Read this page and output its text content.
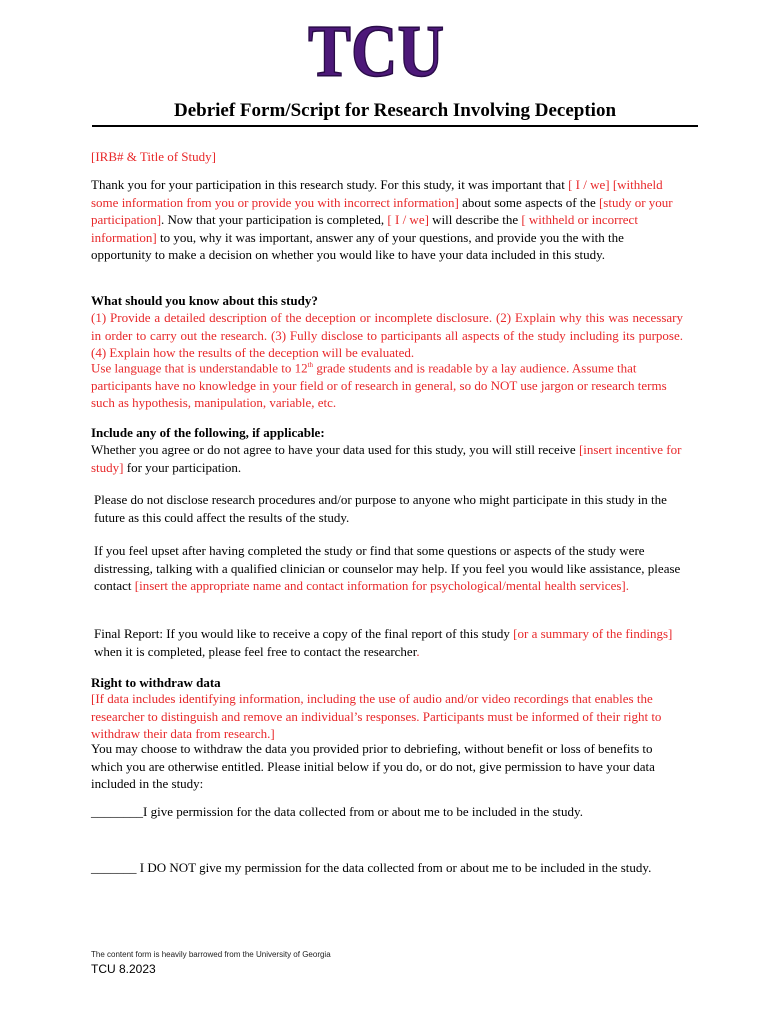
TCU
Debrief Form/Script for Research Involving Deception
[IRB# & Title of Study]
Thank you for your participation in this research study. For this study, it was important that [ I / we] [withheld some information from you or provide you with incorrect information] about some aspects of the [study or your participation]. Now that your participation is completed, [ I / we] will describe the [ withheld or incorrect information] to you, why it was important, answer any of your questions, and provide you the with the opportunity to make a decision on whether you would like to have your data included in this study.
What should you know about this study?
(1) Provide a detailed description of the deception or incomplete disclosure. (2) Explain why this was necessary in order to carry out the research. (3) Fully disclose to participants all aspects of the study including its purpose. (4) Explain how the results of the deception will be evaluated.
Use language that is understandable to 12th grade students and is readable by a lay audience. Assume that participants have no knowledge in your field or of research in general, so do NOT use jargon or research terms such as hypothesis, manipulation, variable, etc.
Include any of the following, if applicable:
Whether you agree or do not agree to have your data used for this study, you will still receive [insert incentive for study] for your participation.
Please do not disclose research procedures and/or purpose to anyone who might participate in this study in the future as this could affect the results of the study.
If you feel upset after having completed the study or find that some questions or aspects of the study were distressing, talking with a qualified clinician or counselor may help. If you feel you would like assistance, please contact [insert the appropriate name and contact information for psychological/mental health services].
Final Report: If you would like to receive a copy of the final report of this study [or a summary of the findings] when it is completed, please feel free to contact the researcher.
Right to withdraw data
[If data includes identifying information, including the use of audio and/or video recordings that enables the researcher to distinguish and remove an individual’s responses. Participants must be informed of their right to withdraw their data from research.]
You may choose to withdraw the data you provided prior to debriefing, without benefit or loss of benefits to which you are otherwise entitled. Please initial below if you do, or do not, give permission to have your data included in the study:
________I give permission for the data collected from or about me to be included in the study.
_______ I DO NOT give my permission for the data collected from or about me to be included in the study.
The content form is heavily barrowed from the University of Georgia
TCU 8.2023
